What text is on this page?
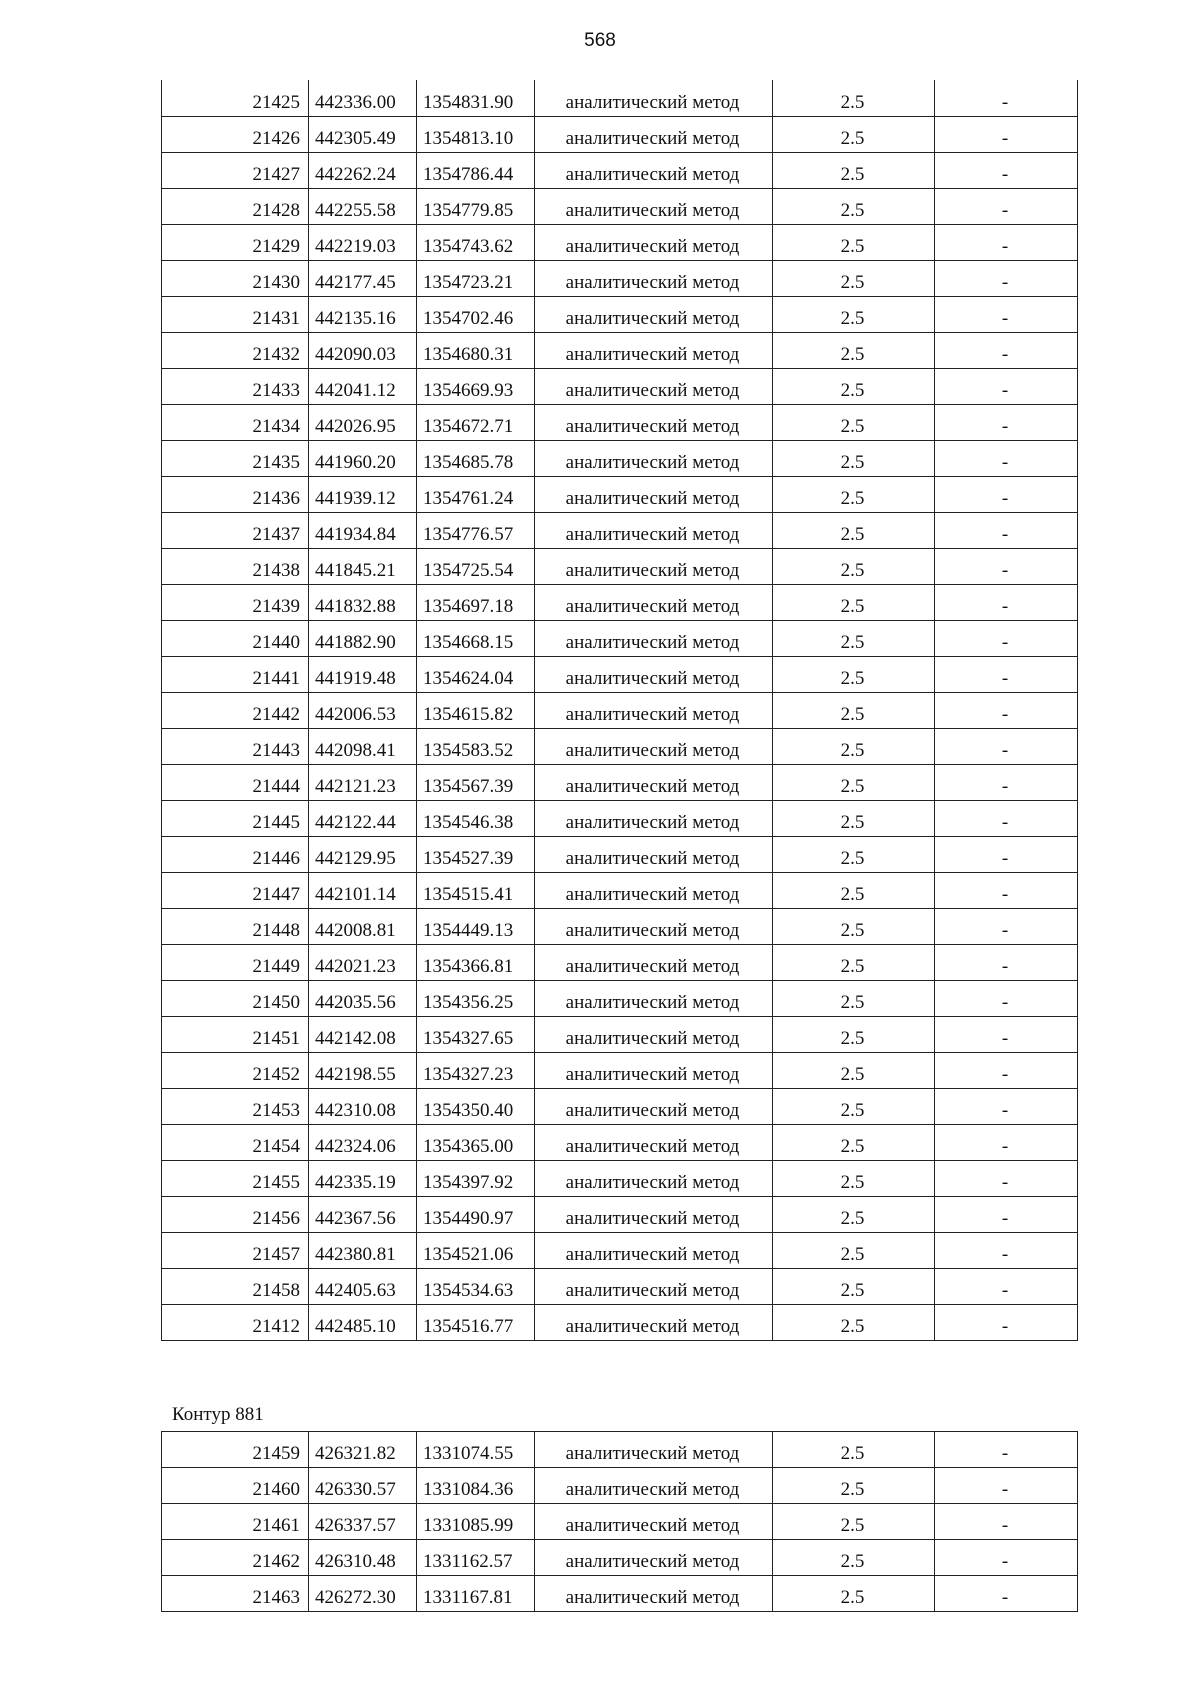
568
21425	442336.00	1354831.90	аналитический метод	2.5	-
21426	442305.49	1354813.10	аналитический метод	2.5	-
21427	442262.24	1354786.44	аналитический метод	2.5	-
21428	442255.58	1354779.85	аналитический метод	2.5	-
21429	442219.03	1354743.62	аналитический метод	2.5	-
21430	442177.45	1354723.21	аналитический метод	2.5	-
21431	442135.16	1354702.46	аналитический метод	2.5	-
21432	442090.03	1354680.31	аналитический метод	2.5	-
21433	442041.12	1354669.93	аналитический метод	2.5	-
21434	442026.95	1354672.71	аналитический метод	2.5	-
21435	441960.20	1354685.78	аналитический метод	2.5	-
21436	441939.12	1354761.24	аналитический метод	2.5	-
21437	441934.84	1354776.57	аналитический метод	2.5	-
21438	441845.21	1354725.54	аналитический метод	2.5	-
21439	441832.88	1354697.18	аналитический метод	2.5	-
21440	441882.90	1354668.15	аналитический метод	2.5	-
21441	441919.48	1354624.04	аналитический метод	2.5	-
21442	442006.53	1354615.82	аналитический метод	2.5	-
21443	442098.41	1354583.52	аналитический метод	2.5	-
21444	442121.23	1354567.39	аналитический метод	2.5	-
21445	442122.44	1354546.38	аналитический метод	2.5	-
21446	442129.95	1354527.39	аналитический метод	2.5	-
21447	442101.14	1354515.41	аналитический метод	2.5	-
21448	442008.81	1354449.13	аналитический метод	2.5	-
21449	442021.23	1354366.81	аналитический метод	2.5	-
21450	442035.56	1354356.25	аналитический метод	2.5	-
21451	442142.08	1354327.65	аналитический метод	2.5	-
21452	442198.55	1354327.23	аналитический метод	2.5	-
21453	442310.08	1354350.40	аналитический метод	2.5	-
21454	442324.06	1354365.00	аналитический метод	2.5	-
21455	442335.19	1354397.92	аналитический метод	2.5	-
21456	442367.56	1354490.97	аналитический метод	2.5	-
21457	442380.81	1354521.06	аналитический метод	2.5	-
21458	442405.63	1354534.63	аналитический метод	2.5	-
21412	442485.10	1354516.77	аналитический метод	2.5	-
Контур 881
21459	426321.82	1331074.55	аналитический метод	2.5	-
21460	426330.57	1331084.36	аналитический метод	2.5	-
21461	426337.57	1331085.99	аналитический метод	2.5	-
21462	426310.48	1331162.57	аналитический метод	2.5	-
21463	426272.30	1331167.81	аналитический метод	2.5	-
